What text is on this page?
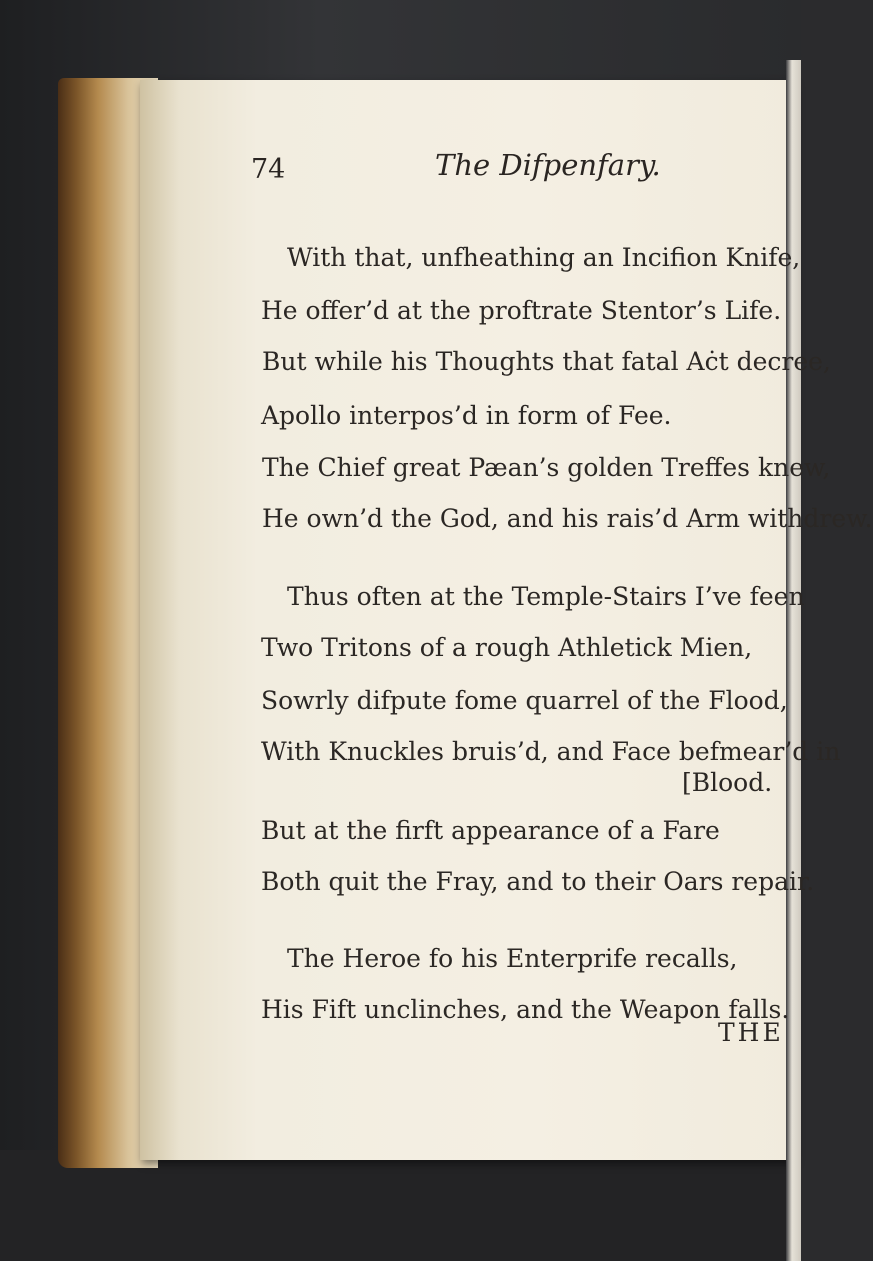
74	The Difpenfary.
With that, unfheathing an Incifion Knife,
He offer’d at the proftrate Stentor’s Life.
But while his Thoughts that fatal Aċt decree,
Apollo interpos’d in form of Fee.
The Chief great Pæan’s golden Treffes knew,
He own’d the God, and his rais’d Arm withdrew.
Thus often at the Temple-Stairs I’ve feen
Two Tritons of a rough Athletick Mien,
Sowrly difpute fome quarrel of the Flood,
With Knuckles bruis’d, and Face befmear’d in
[Blood.
But at the firft appearance of a Fare
Both quit the Fray, and to their Oars repair.
The Heroe fo his Enterprife recalls,
His Fift unclinches, and the Weapon falls.
THE
